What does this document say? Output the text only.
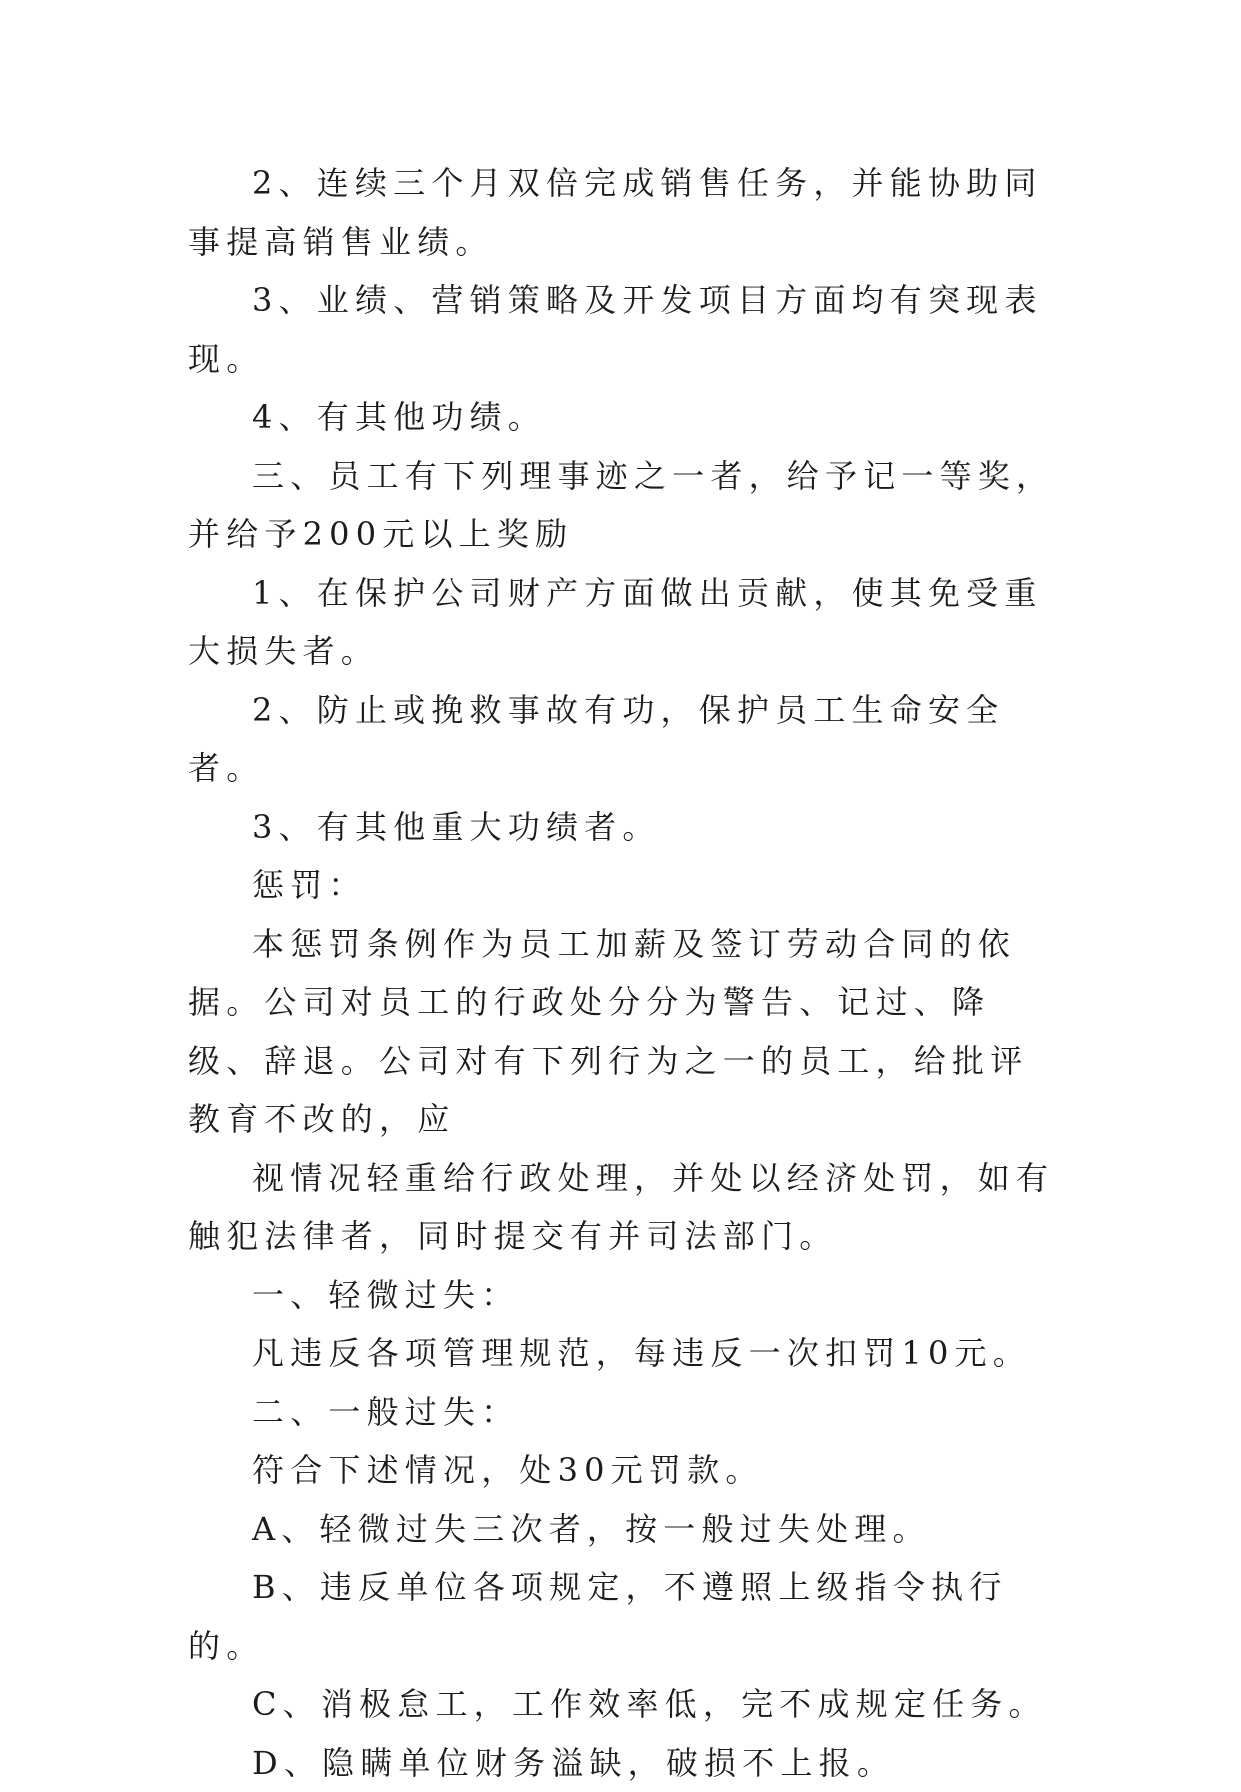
2、连续三个月双倍完成销售任务，并能协助同事提高销售业绩。

3、业绩、营销策略及开发项目方面均有突现表现。

4、有其他功绩。

三、员工有下列理事迹之一者，给予记一等奖，并给予200元以上奖励

1、在保护公司财产方面做出贡献，使其免受重大损失者。

2、防止或挽救事故有功，保护员工生命安全者。

3、有其他重大功绩者。

惩罚：

本惩罚条例作为员工加薪及签订劳动合同的依据。公司对员工的行政处分分为警告、记过、降级、辞退。公司对有下列行为之一的员工，给批评教育不改的，应

视情况轻重给行政处理，并处以经济处罚，如有触犯法律者，同时提交有并司法部门。

一、轻微过失：

凡违反各项管理规范，每违反一次扣罚10元。

二、一般过失：

符合下述情况，处30元罚款。

A、轻微过失三次者，按一般过失处理。

B、违反单位各项规定，不遵照上级指令执行的。

C、消极怠工，工作效率低，完不成规定任务。

D、隐瞒单位财务溢缺，破损不上报。
